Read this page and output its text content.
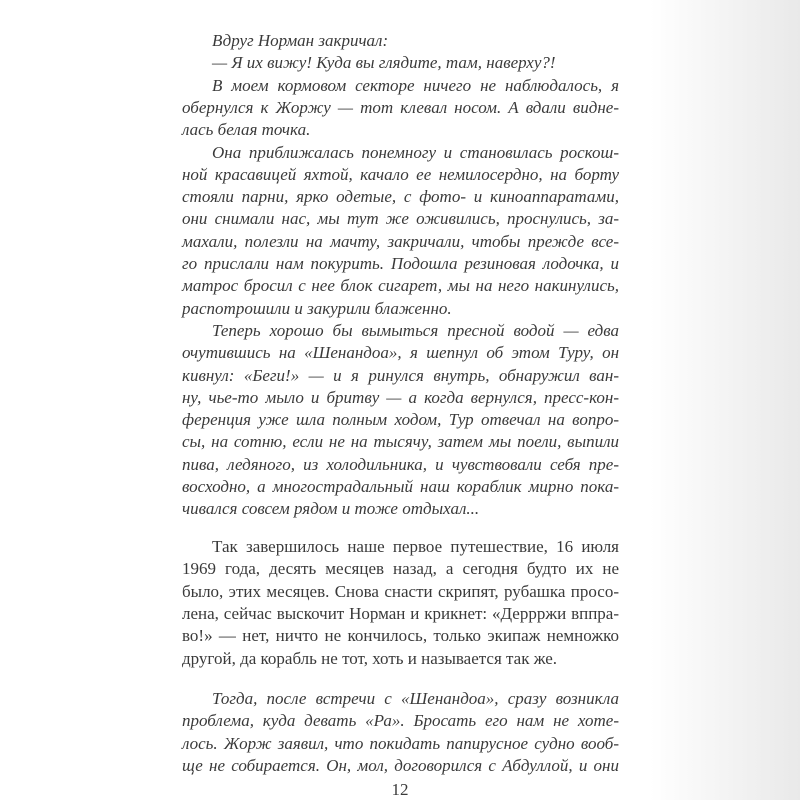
Вдруг Норман закричал:
— Я их вижу! Куда вы глядите, там, наверху?!
В моем кормовом секторе ничего не наблюдалось, я
обернулся к Жоржу — тот клевал носом. А вдали видне-
лась белая точка.
Она приближалась понемногу и становилась роскош-
ной красавицей яхтой, качало ее немилосердно, на борту
стояли парни, ярко одетые, с фото- и киноаппаратами,
они снимали нас, мы тут же оживились, проснулись, за-
махали, полезли на мачту, закричали, чтобы прежде все-
го прислали нам покурить. Подошла резиновая лодочка, и
матрос бросил с нее блок сигарет, мы на него накинулись,
распотрошили и закурили блаженно.
Теперь хорошо бы вымыться пресной водой — едва
очутившись на «Шенандоа», я шепнул об этом Туру, он
кивнул: «Беги!» — и я ринулся внутрь, обнаружил ван-
ну, чье-то мыло и бритву — а когда вернулся, пресс-кон-
ференция уже шла полным ходом, Тур отвечал на вопро-
сы, на сотню, если не на тысячу, затем мы поели, выпили
пива, ледяного, из холодильника, и чувствовали себя пре-
восходно, а многострадальный наш кораблик мирно пока-
чивался совсем рядом и тоже отдыхал...
Так завершилось наше первое путешествие, 16 июля
1969 года, десять месяцев назад, а сегодня будто их не
было, этих месяцев. Снова снасти скрипят, рубашка просо-
лена, сейчас выскочит Норман и крикнет: «Деррржи вппра-
во!» — нет, ничто не кончилось, только экипаж немножко
другой, да корабль не тот, хоть и называется так же.
Тогда, после встречи с «Шенандоа», сразу возникла
проблема, куда девать «Ра». Бросать его нам не хоте-
лось. Жорж заявил, что покидать папирусное судно вооб-
ще не собирается. Он, мол, договорился с Абдуллой, и они
12
